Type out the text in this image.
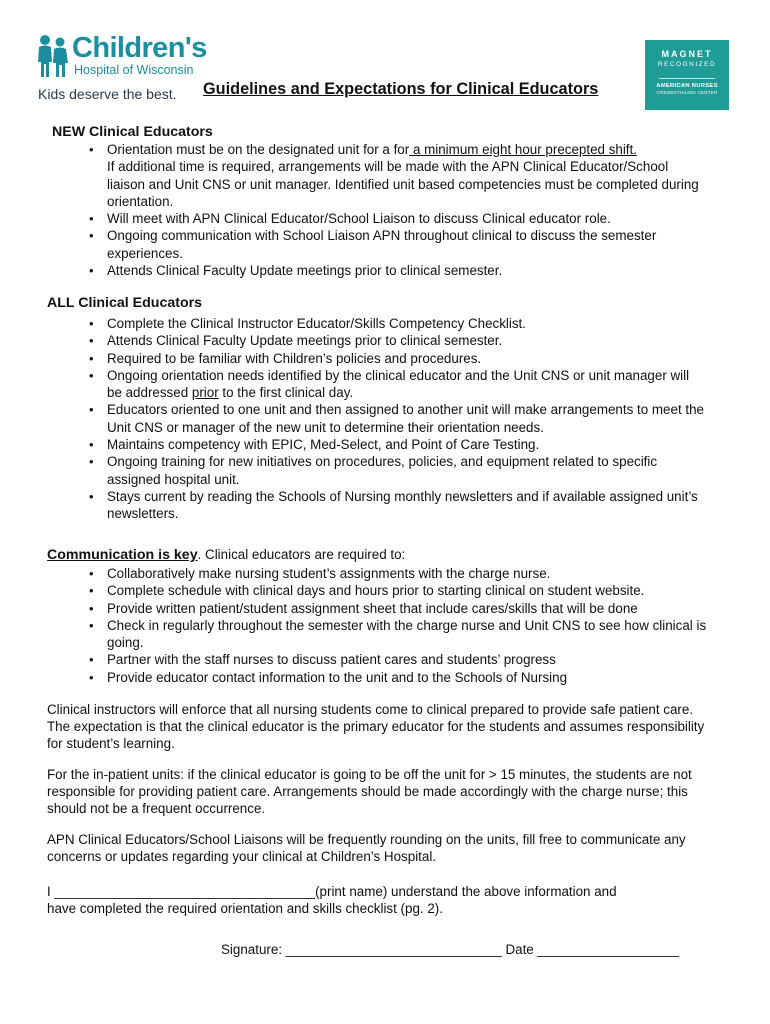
Children's
Hospital of Wisconsin
Kids deserve the best.
MAGNET
RECOGNIZED
AMERICAN NURSES
CREDENTIALING CENTER
Guidelines and Expectations for Clinical Educators
NEW Clinical Educators
• Orientation must be on the designated unit for a for a minimum eight hour precepted shift.
If additional time is required, arrangements will be made with the APN Clinical Educator/School liaison and Unit CNS or unit manager. Identified unit based competencies must be completed during orientation.
• Will meet with APN Clinical Educator/School Liaison to discuss Clinical educator role.
• Ongoing communication with School Liaison APN throughout clinical to discuss the semester experiences.
• Attends Clinical Faculty Update meetings prior to clinical semester.
ALL Clinical Educators
• Complete the Clinical Instructor Educator/Skills Competency Checklist.
• Attends Clinical Faculty Update meetings prior to clinical semester.
• Required to be familiar with Children’s policies and procedures.
• Ongoing orientation needs identified by the clinical educator and the Unit CNS or unit manager will be addressed prior to the first clinical day.
• Educators oriented to one unit and then assigned to another unit will make arrangements to meet the Unit CNS or manager of the new unit to determine their orientation needs.
• Maintains competency with EPIC, Med-Select, and Point of Care Testing.
• Ongoing training for new initiatives on procedures, policies, and equipment related to specific assigned hospital unit.
• Stays current by reading the Schools of Nursing monthly newsletters and if available assigned unit’s newsletters.
Communication is key. Clinical educators are required to:
• Collaboratively make nursing student’s assignments with the charge nurse.
• Complete schedule with clinical days and hours prior to starting clinical on student website.
• Provide written patient/student assignment sheet that include cares/skills that will be done
• Check in regularly throughout the semester with the charge nurse and Unit CNS to see how clinical is going.
• Partner with the staff nurses to discuss patient cares and students’ progress
• Provide educator contact information to the unit and to the Schools of Nursing

Clinical instructors will enforce that all nursing students come to clinical prepared to provide safe patient care. The expectation is that the clinical educator is the primary educator for the students and assumes responsibility for student’s learning.

For the in-patient units: if the clinical educator is going to be off the unit for > 15 minutes, the students are not responsible for providing patient care. Arrangements should be made accordingly with the charge nurse; this should not be a frequent occurrence.

APN Clinical Educators/School Liaisons will be frequently rounding on the units, fill free to communicate any concerns or updates regarding your clinical at Children’s Hospital.

I ___________________________________(print name) understand the above information and
have completed the required orientation and skills checklist (pg. 2).
Signature: _____________________________ Date ___________________
